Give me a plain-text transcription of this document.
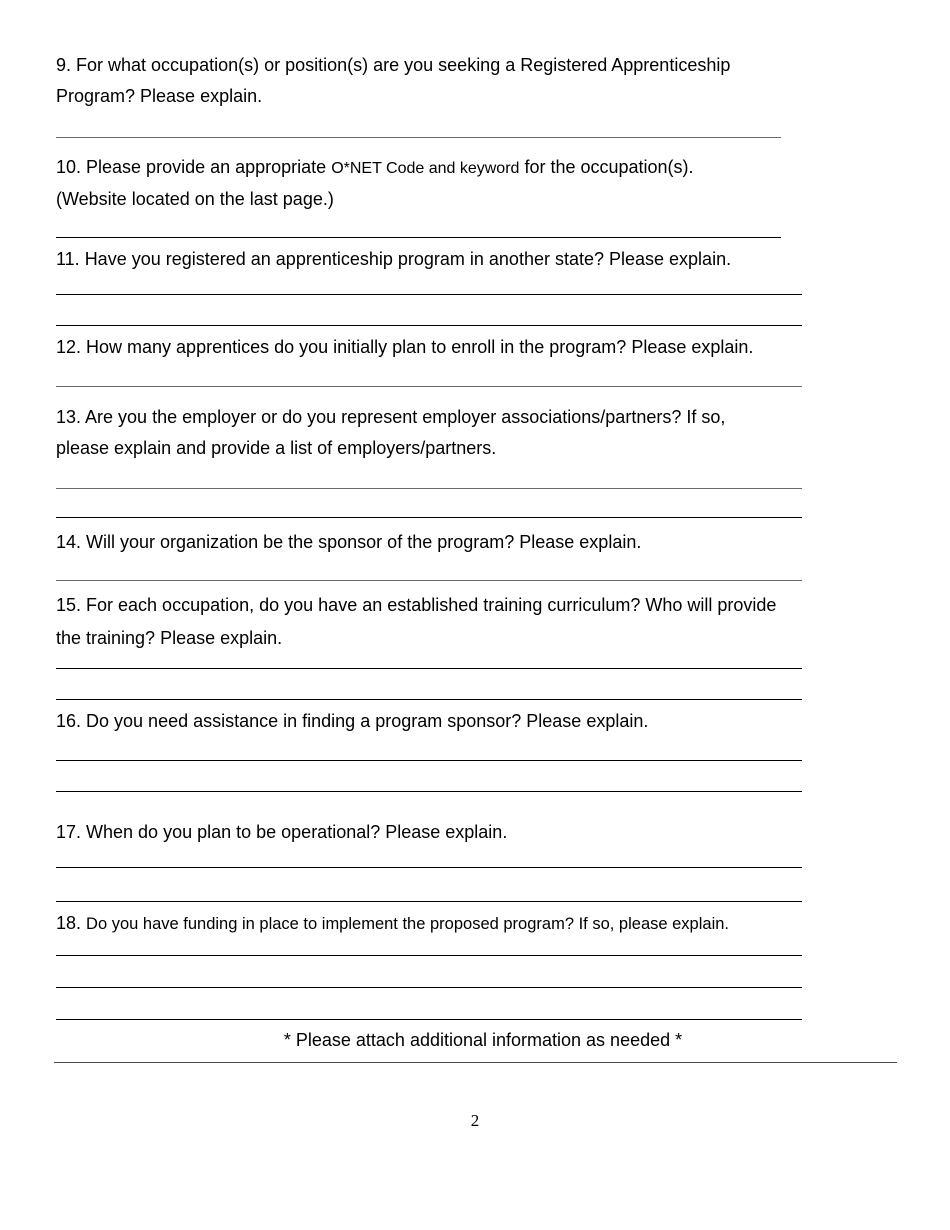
9. For what occupation(s) or position(s) are you seeking a Registered Apprenticeship
Program? Please explain.

10. Please provide an appropriate O*NET Code and keyword for the occupation(s).
(Website located on the last page.)

11. Have you registered an apprenticeship program in another state? Please explain.

12. How many apprentices do you initially plan to enroll in the program? Please explain.

13. Are you the employer or do you represent employer associations/partners? If so,
please explain and provide a list of employers/partners.

14. Will your organization be the sponsor of the program? Please explain.

15. For each occupation, do you have an established training curriculum? Who will provide
the training? Please explain.

16. Do you need assistance in finding a program sponsor? Please explain.

17. When do you plan to be operational? Please explain.

18. Do you have funding in place to implement the proposed program? If so, please explain.

* Please attach additional information as needed *
2
